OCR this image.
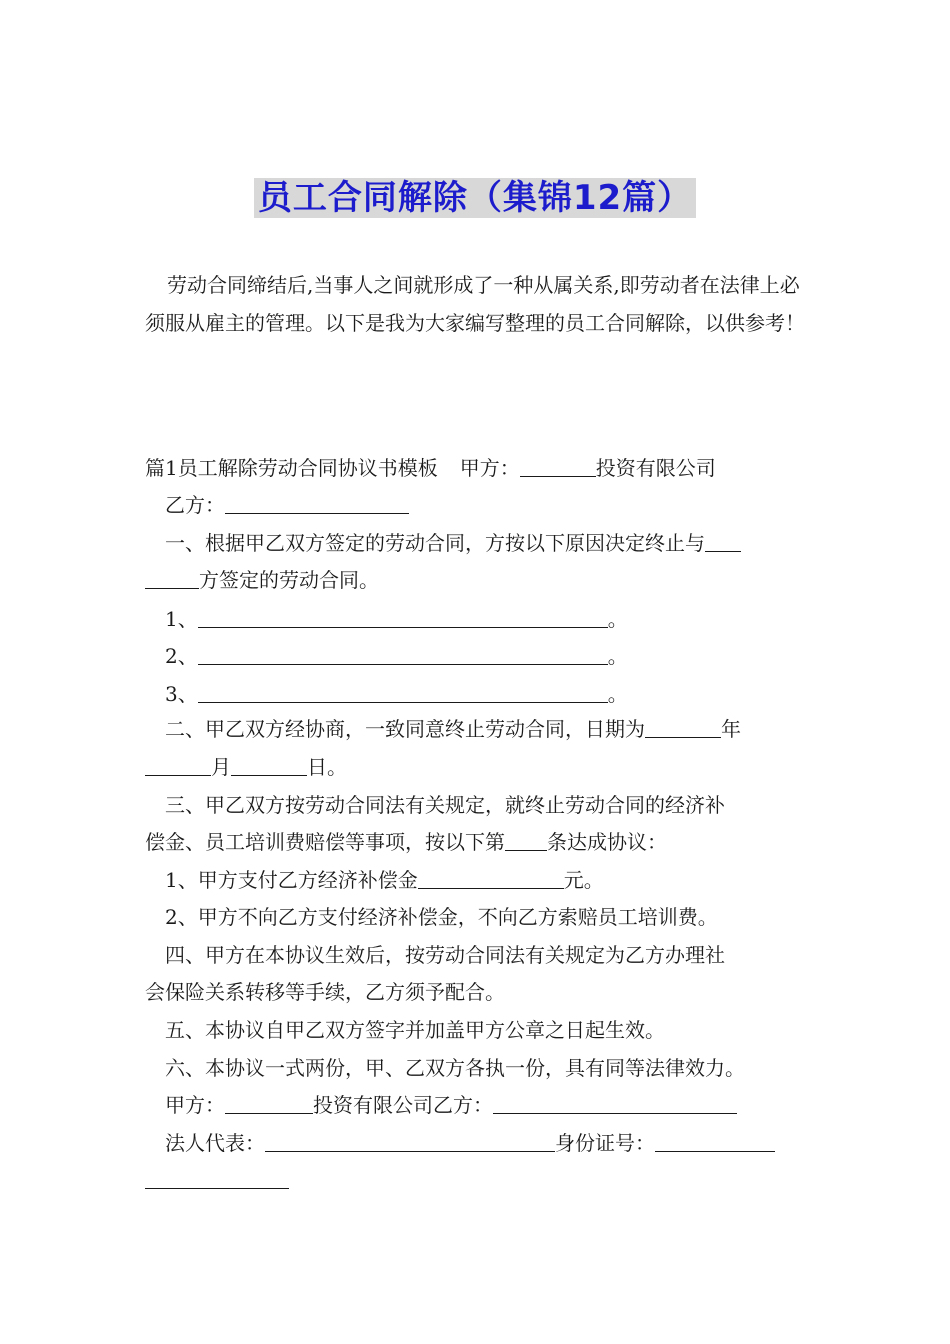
员工合同解除（集锦12篇）

劳动合同缔结后,当事人之间就形成了一种从属关系,即劳动者在法律上必须服从雇主的管理。以下是我为大家编写整理的员工合同解除，以供参考！

篇1员工解除劳动合同协议书模板 甲方：	投资有限公司

乙方：

一、根据甲乙双方签定的劳动合同，方按以下原因决定终止与

方签定的劳动合同。

1、	。

2、	。

3、	。

二、甲乙双方经协商，一致同意终止劳动合同，日期为	年

月	日。

三、甲乙双方按劳动合同法有关规定，就终止劳动合同的经济补

偿金、员工培训费赔偿等事项，按以下第 条达成协议：

1、甲方支付乙方经济补偿金	元。

2、甲方不向乙方支付经济补偿金，不向乙方索赔员工培训费。

四、甲方在本协议生效后，按劳动合同法有关规定为乙方办理社

会保险关系转移等手续，乙方须予配合。

五、本协议自甲乙双方签字并加盖甲方公章之日起生效。

六、本协议一式两份，甲、乙双方各执一份，具有同等法律效力。

甲方：	投资有限公司乙方：

法人代表：	身份证号：
